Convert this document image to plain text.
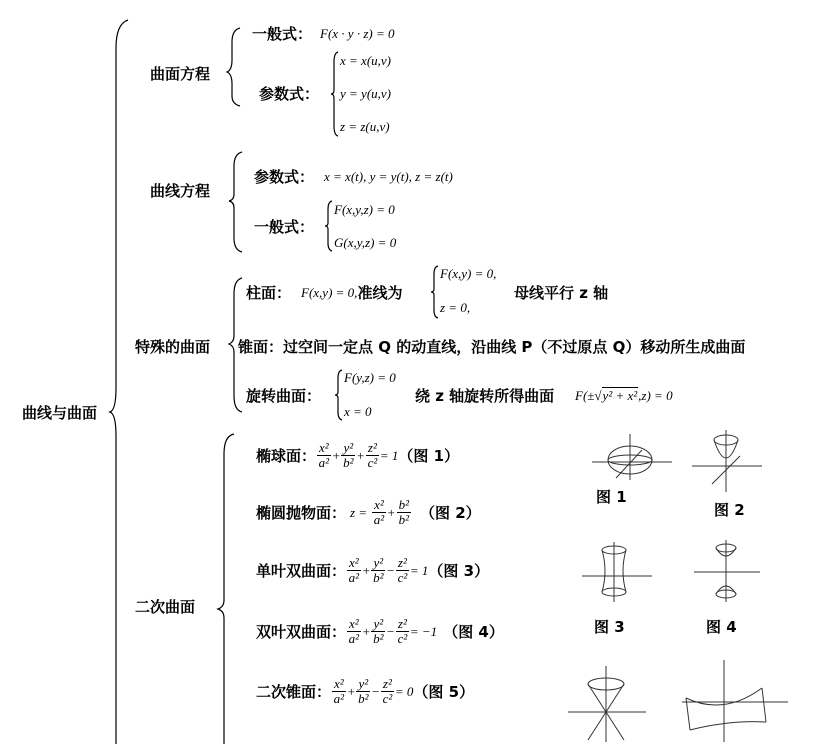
曲线与曲面
曲面方程
一般式： F(x · y · z) = 0
参数式：
x = x(u,v)
y = y(u,v)
z = z(u,v)
曲线方程
参数式： x = x(t), y = y(t), z = z(t)
一般式：
F(x,y,z) = 0
G(x,y,z) = 0
特殊的曲面
柱面： F(x,y) = 0, 准线为
F(x,y) = 0,
z = 0,
母线平行 z 轴
锥面：过空间一定点 Q 的动直线，沿曲线 P（不过原点 Q）移动所生成曲面
旋转曲面：
F(y,z) = 0
x = 0
绕 z 轴旋转所得曲面 F(± √ y² + x² ,z) = 0
二次曲面
椭球面： $\frac{\text{x²}}{\text{a²}} + \frac{\text{y²}}{\text{b²}} + \frac{\text{z²}}{\text{c²}} = 1$ （图 1）
椭圆抛物面： $z = \frac{\text{x²}}{\text{a²}} + \frac{\text{b²}}{\text{b²}}$ （图 2）
单叶双曲面： $\frac{\text{x²}}{\text{a²}} + \frac{\text{y²}}{\text{b²}} - \frac{\text{z²}}{\text{c²}} = 1$ （图 3）
双叶双曲面： $\frac{\text{x²}}{\text{a²}} + \frac{\text{y²}}{\text{b²}} - \frac{\text{z²}}{\text{c²}} = -1$ （图 4）
二次锥面： $\frac{\text{x²}}{\text{a²}} + \frac{\text{y²}}{\text{b²}} - \frac{\text{z²}}{\text{c²}} = 0$ （图 5）
图 1
图 2
图 3	图 4
